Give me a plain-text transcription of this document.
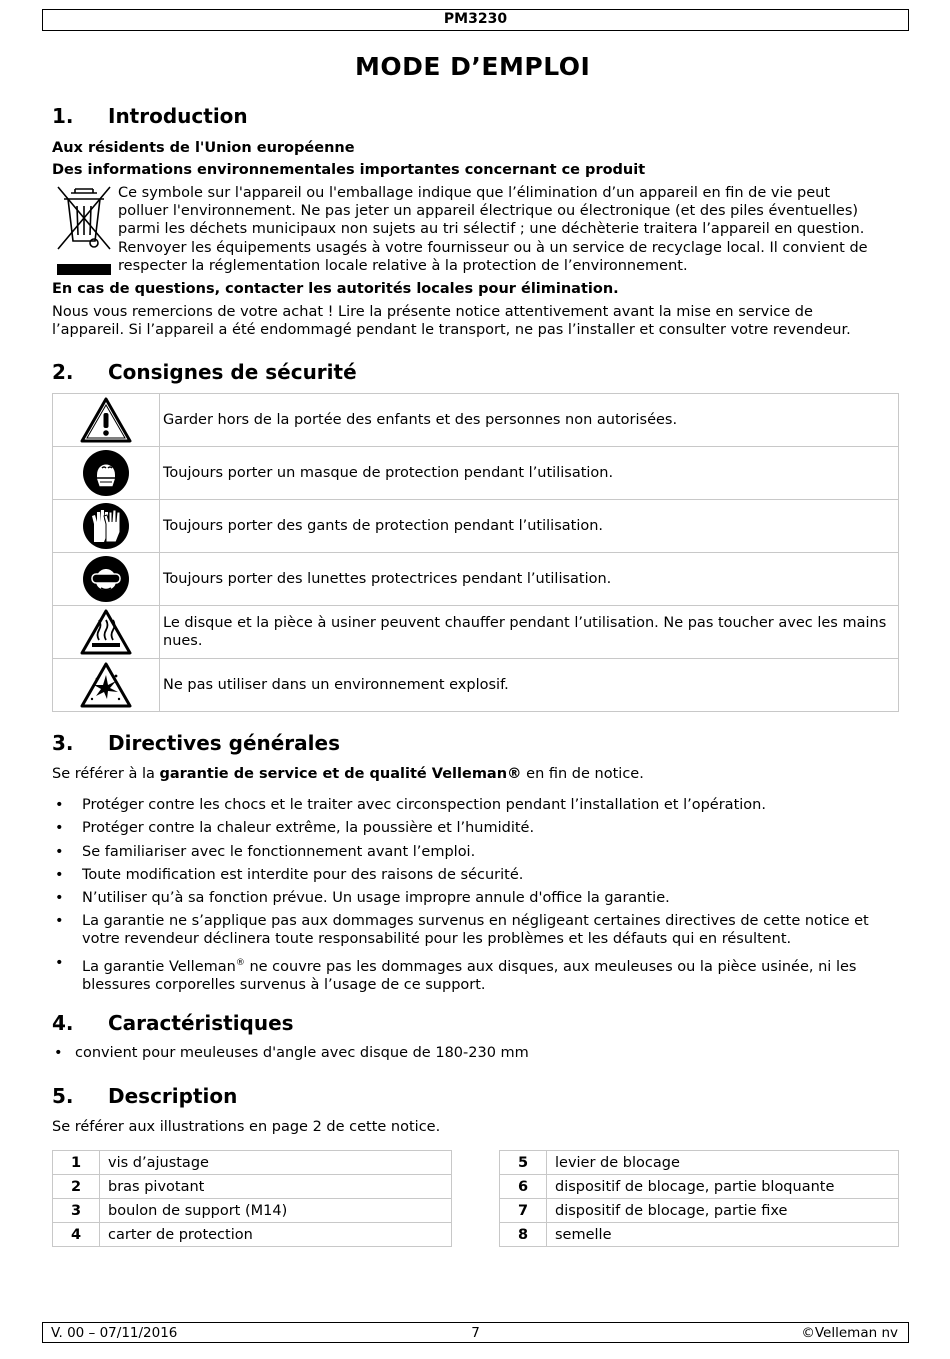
PM3230
MODE D’EMPLOI
1. Introduction
Aux résidents de l'Union européenne
Des informations environnementales importantes concernant ce produit
Ce symbole sur l'appareil ou l'emballage indique que l’élimination d’un appareil en fin de vie peut
polluer l'environnement. Ne pas jeter un appareil électrique ou électronique (et des piles éventuelles)
parmi les déchets municipaux non sujets au tri sélectif ; une déchèterie traitera l’appareil en question.
Renvoyer les équipements usagés à votre fournisseur ou à un service de recyclage local. Il convient de
respecter la réglementation locale relative à la protection de l’environnement.
En cas de questions, contacter les autorités locales pour élimination.
Nous vous remercions de votre achat ! Lire la présente notice attentivement avant la mise en service de
l’appareil. Si l’appareil a été endommagé pendant le transport, ne pas l’installer et consulter votre revendeur.
2. Consignes de sécurité
	Garder hors de la portée des enfants et des personnes non autorisées.

	Toujours porter un masque de protection pendant l’utilisation.

	Toujours porter des gants de protection pendant l’utilisation.

	Toujours porter des lunettes protectrices pendant l’utilisation.

	Le disque et la pièce à usiner peuvent chauffer pendant l’utilisation. Ne pas toucher avec les mains nues.

	Ne pas utiliser dans un environnement explosif.
3. Directives générales
Se référer à la garantie de service et de qualité Velleman® en fin de notice.
• Protéger contre les chocs et le traiter avec circonspection pendant l’installation et l’opération.
• Protéger contre la chaleur extrême, la poussière et l’humidité.
• Se familiariser avec le fonctionnement avant l’emploi.
• Toute modification est interdite pour des raisons de sécurité.
• N’utiliser qu’à sa fonction prévue. Un usage impropre annule d'office la garantie.
• La garantie ne s’applique pas aux dommages survenus en négligeant certaines directives de cette notice et votre revendeur déclinera toute responsabilité pour les problèmes et les défauts qui en résultent.
• La garantie Velleman® ne couvre pas les dommages aux disques, aux meuleuses ou la pièce usinée, ni les blessures corporelles survenus à l’usage de ce support.
4. Caractéristiques
• convient pour meuleuses d'angle avec disque de 180-230 mm
5. Description
Se référer aux illustrations en page 2 de cette notice.
1	vis d’ajustage
2	bras pivotant
3	boulon de support (M14)
4	carter de protection
5	levier de blocage
6	dispositif de blocage, partie bloquante
7	dispositif de blocage, partie fixe
8	semelle
V. 00 – 07/11/2016	7	©Velleman nv
